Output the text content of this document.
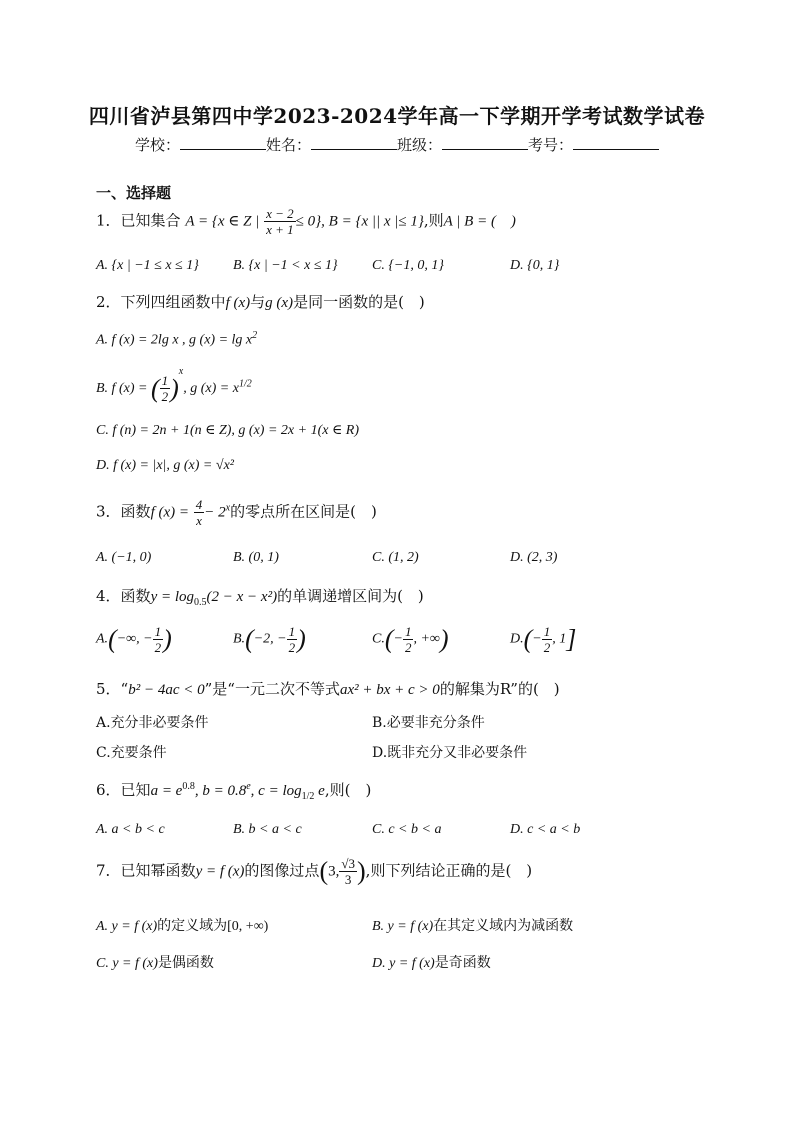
四川省泸县第四中学2023-2024学年高一下学期开学考试数学试卷
学校：	姓名：	班级：	考号：
一、选择题
1．已知集合 A = {x ∈ Z | $\frac{x - 2}{x + 1} \le 0$}, B = {x || x |≤ 1},则A | B = (　)
A. {x | −1 ≤ x ≤ 1} B. {x | −1 < x ≤ 1} C. {−1, 0, 1}	D. {0, 1}
2．下列四组函数中f (x)与g (x)是同一函数的是(　)
A. f (x) = 2lg x , g $(x) = \lg x^2$
B. f (x) = ( $\frac{1}{2} )^x$, g $(x) = x^{1/2}$
C. f (n) = 2n + 1(n ∈ Z), g (x) = 2x + 1(x ∈ R)
D. f (x) = |x|, g (x) = √x²
3．函数f $(x) = \frac{4}{x} - 2^x$的零点所在区间是(　)
A. (−1, 0)	B. (0, 1)	C. (1, 2)	D. (2, 3)
4．函数$y = \log_{0.5}(2 - x - x^2)$的单调递增区间为(　)
A.(−∞, − $\frac{1}{2}$ )	B.(−2, − $\frac{1}{2}$ )	$C.(- \frac{1}{2}$ , +∞)	$D.(- \frac{1}{2}$ , 1]
5．“b² − 4ac < 0”是“一元二次不等式ax² + bx + c > 0的解集为R”的(　)
A.充分非必要条件	B.必要非充分条件
C.充要条件	D.既非充分又非必要条件
6．已知$a = e^{0.8}$, b = 0.8$^e$, $c = \log_{1/2} e$,则(　)
A. a < b < c	B. b < a < c	C. c < b < a	D. c < a < b
7．已知幂函数y = f (x)的图像过点(3, $\frac{√3}{3}$ ),则下列结论正确的是(　)
A. y = f (x)的定义域为[0, +∞)	B. y = f (x)在其定义域内为减函数
C. y = f (x)是偶函数	D. y = f (x)是奇函数
